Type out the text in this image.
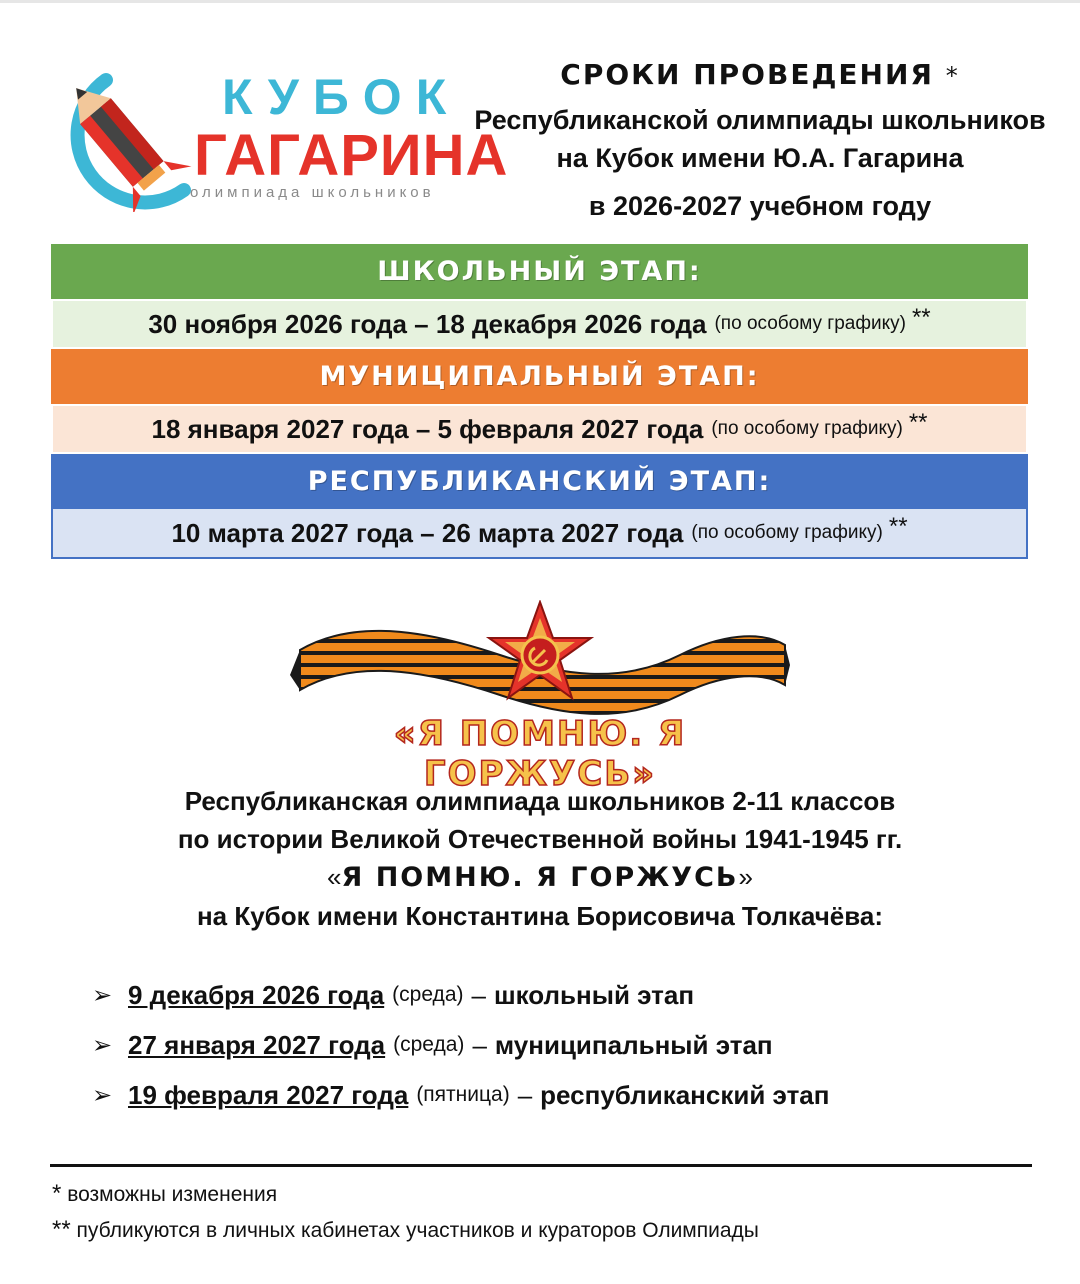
КУБОК
ГАГАРИНА
олимпиада школьников
СРОКИ ПРОВЕДЕНИЯ *
Республиканской олимпиады школьников
на Кубок имени Ю.А. Гагарина
в 2026-2027 учебном году
ШКОЛЬНЫЙ ЭТАП:
30 ноября 2026 года – 18 декабря 2026 года (по особому графику) **
МУНИЦИПАЛЬНЫЙ ЭТАП:
18 января 2027 года – 5 февраля 2027 года (по особому графику) **
РЕСПУБЛИКАНСКИЙ ЭТАП:
10 марта 2027 года – 26 марта 2027 года (по особому графику) **
«Я ПОМНЮ. Я ГОРЖУСЬ»
Республиканская олимпиада школьников 2-11 классов
по истории Великой Отечественной войны 1941-1945 гг.
«Я ПОМНЮ. Я ГОРЖУСЬ»
на Кубок имени Константина Борисовича Толкачёва:
➢ 9 декабря 2026 года (среда) – школьный этап
➢ 27 января 2027 года (среда) – муниципальный этап
➢ 19 февраля 2027 года (пятница) – республиканский этап
* возможны изменения
** публикуются в личных кабинетах участников и кураторов Олимпиады
